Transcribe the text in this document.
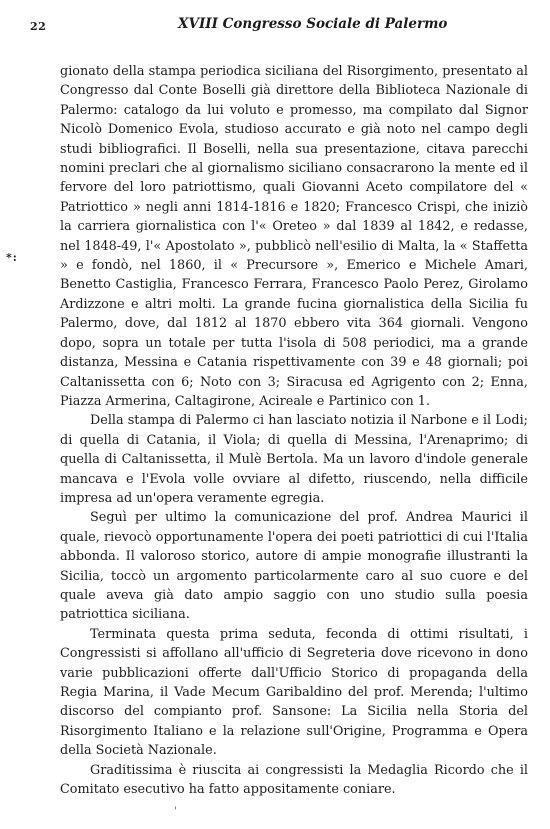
22	XVIII Congresso Sociale di Palermo
*:

gionato della stampa periodica siciliana del Risorgimento, presentato al Congresso dal Conte Boselli già direttore della Biblioteca Nazionale di Palermo: catalogo da lui voluto e promesso, ma compilato dal Signor Nicolò Domenico Evola, studioso accurato e già noto nel campo degli studi bibliografici. Il Boselli, nella sua presentazione, citava parecchi nomini preclari che al giornalismo siciliano consacrarono la mente ed il fervore del loro patriottismo, quali Giovanni Aceto compilatore del « Patriottico » negli anni 1814-1816 e 1820; Francesco Crispi, che iniziò la carriera giornalistica con l'« Oreteo » dal 1839 al 1842, e redasse, nel 1848-49, l'« Apostolato », pubblicò nell'esilio di Malta, la « Staffetta » e fondò, nel 1860, il « Precursore », Emerico e Michele Amari, Benetto Castiglia, Francesco Ferrara, Francesco Paolo Perez, Girolamo Ardizzone e altri molti. La grande fucina giornalistica della Sicilia fu Palermo, dove, dal 1812 al 1870 ebbero vita 364 giornali. Vengono dopo, sopra un totale per tutta l'isola di 508 periodici, ma a grande distanza, Messina e Catania rispettivamente con 39 e 48 giornali; poi Caltanissetta con 6; Noto con 3; Siracusa ed Agrigento con 2; Enna, Piazza Armerina, Caltagirone, Acireale e Partinico con 1.

Della stampa di Palermo ci han lasciato notizia il Narbone e il Lodi; di quella di Catania, il Viola; di quella di Messina, l'Arenaprimo; di quella di Caltanissetta, il Mulè Bertola. Ma un lavoro d'indole generale mancava e l'Evola volle ovviare al difetto, riuscendo, nella difficile impresa ad un'opera veramente egregia.

Seguì per ultimo la comunicazione del prof. Andrea Maurici il quale, rievocò opportunamente l'opera dei poeti patriottici di cui l'Italia abbonda. Il valoroso storico, autore di ampie monografie illustranti la Sicilia, toccò un argomento particolarmente caro al suo cuore e del quale aveva già dato ampio saggio con uno studio sulla poesia patriottica siciliana.

Terminata questa prima seduta, feconda di ottimi risultati, i Congressisti si affollano all'ufficio di Segreteria dove ricevono in dono varie pubblicazioni offerte dall'Ufficio Storico di propaganda della Regia Marina, il Vade Mecum Garibaldino del prof. Merenda; l'ultimo discorso del compianto prof. Sansone: La Sicilia nella Storia del Risorgimento Italiano e la relazione sull'Origine, Programma e Opera della Società Nazionale.

Graditissima è riuscita ai congressisti la Medaglia Ricordo che il Comitato esecutivo ha fatto appositamente coniare.

'
